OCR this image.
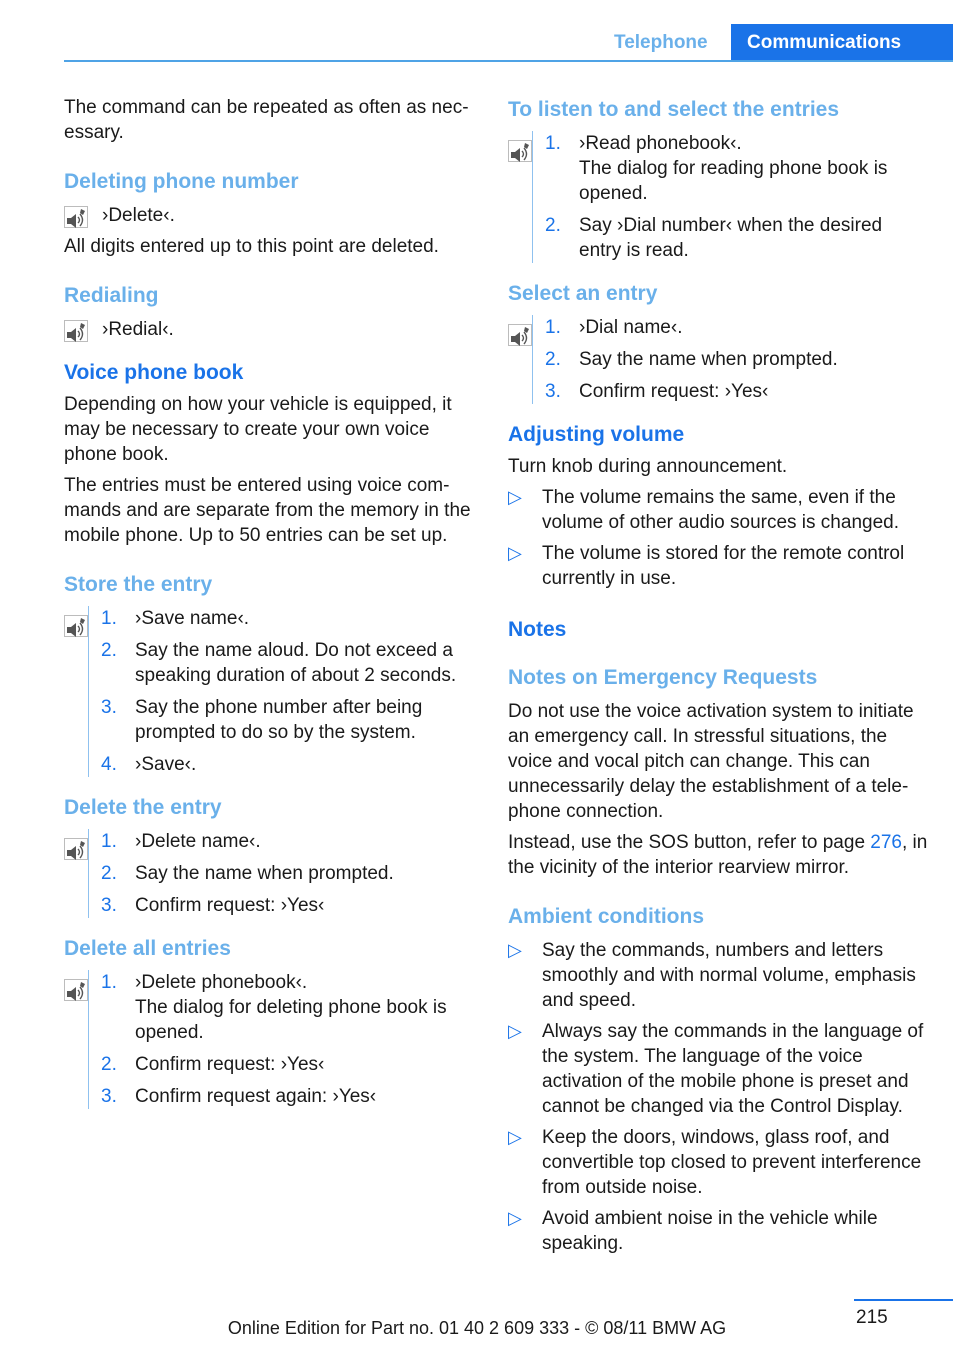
Telephone	Communications

The command can be repeated as often as necessary.

Deleting phone number
›Delete‹.

All digits entered up to this point are deleted.

Redialing
›Redial‹.
Voice phone book

Depending on how your vehicle is equipped, it may be necessary to create your own voice phone book.

The entries must be entered using voice commands and are separate from the memory in the mobile phone. Up to 50 entries can be set up.

Store the entry
1. ›Save name‹.
2. Say the name aloud. Do not exceed a speaking duration of about 2 seconds.
3. Say the phone number after being prompted to do so by the system.
4. ›Save‹.
Delete the entry
1. ›Delete name‹.
2. Say the name when prompted.
3. Confirm request: ›Yes‹
Delete all entries
1. ›Delete phonebook‹.
The dialog for deleting phone book is opened.
2. Confirm request: ›Yes‹
3. Confirm request again: ›Yes‹
To listen to and select the entries
1. ›Read phonebook‹.
The dialog for reading phone book is opened.
2. Say ›Dial number‹ when the desired entry is read.
Select an entry
1. ›Dial name‹.
2. Say the name when prompted.
3. Confirm request: ›Yes‹
Adjusting volume

Turn knob during announcement.

▷ The volume remains the same, even if the volume of other audio sources is changed.
▷ The volume is stored for the remote control currently in use.
Notes
Notes on Emergency Requests

Do not use the voice activation system to initiate an emergency call. In stressful situations, the voice and vocal pitch can change. This can unnecessarily delay the establishment of a telephone connection.

Instead, use the SOS button, refer to page 276, in the vicinity of the interior rearview mirror.

Ambient conditions
▷ Say the commands, numbers and letters smoothly and with normal volume, emphasis and speed.
▷ Always say the commands in the language of the system. The language of the voice activation of the mobile phone is preset and cannot be changed via the Control Display.
▷ Keep the doors, windows, glass roof, and convertible top closed to prevent interference from outside noise.
▷ Avoid ambient noise in the vehicle while speaking.
215
Online Edition for Part no. 01 40 2 609 333 - © 08/11 BMW AG
